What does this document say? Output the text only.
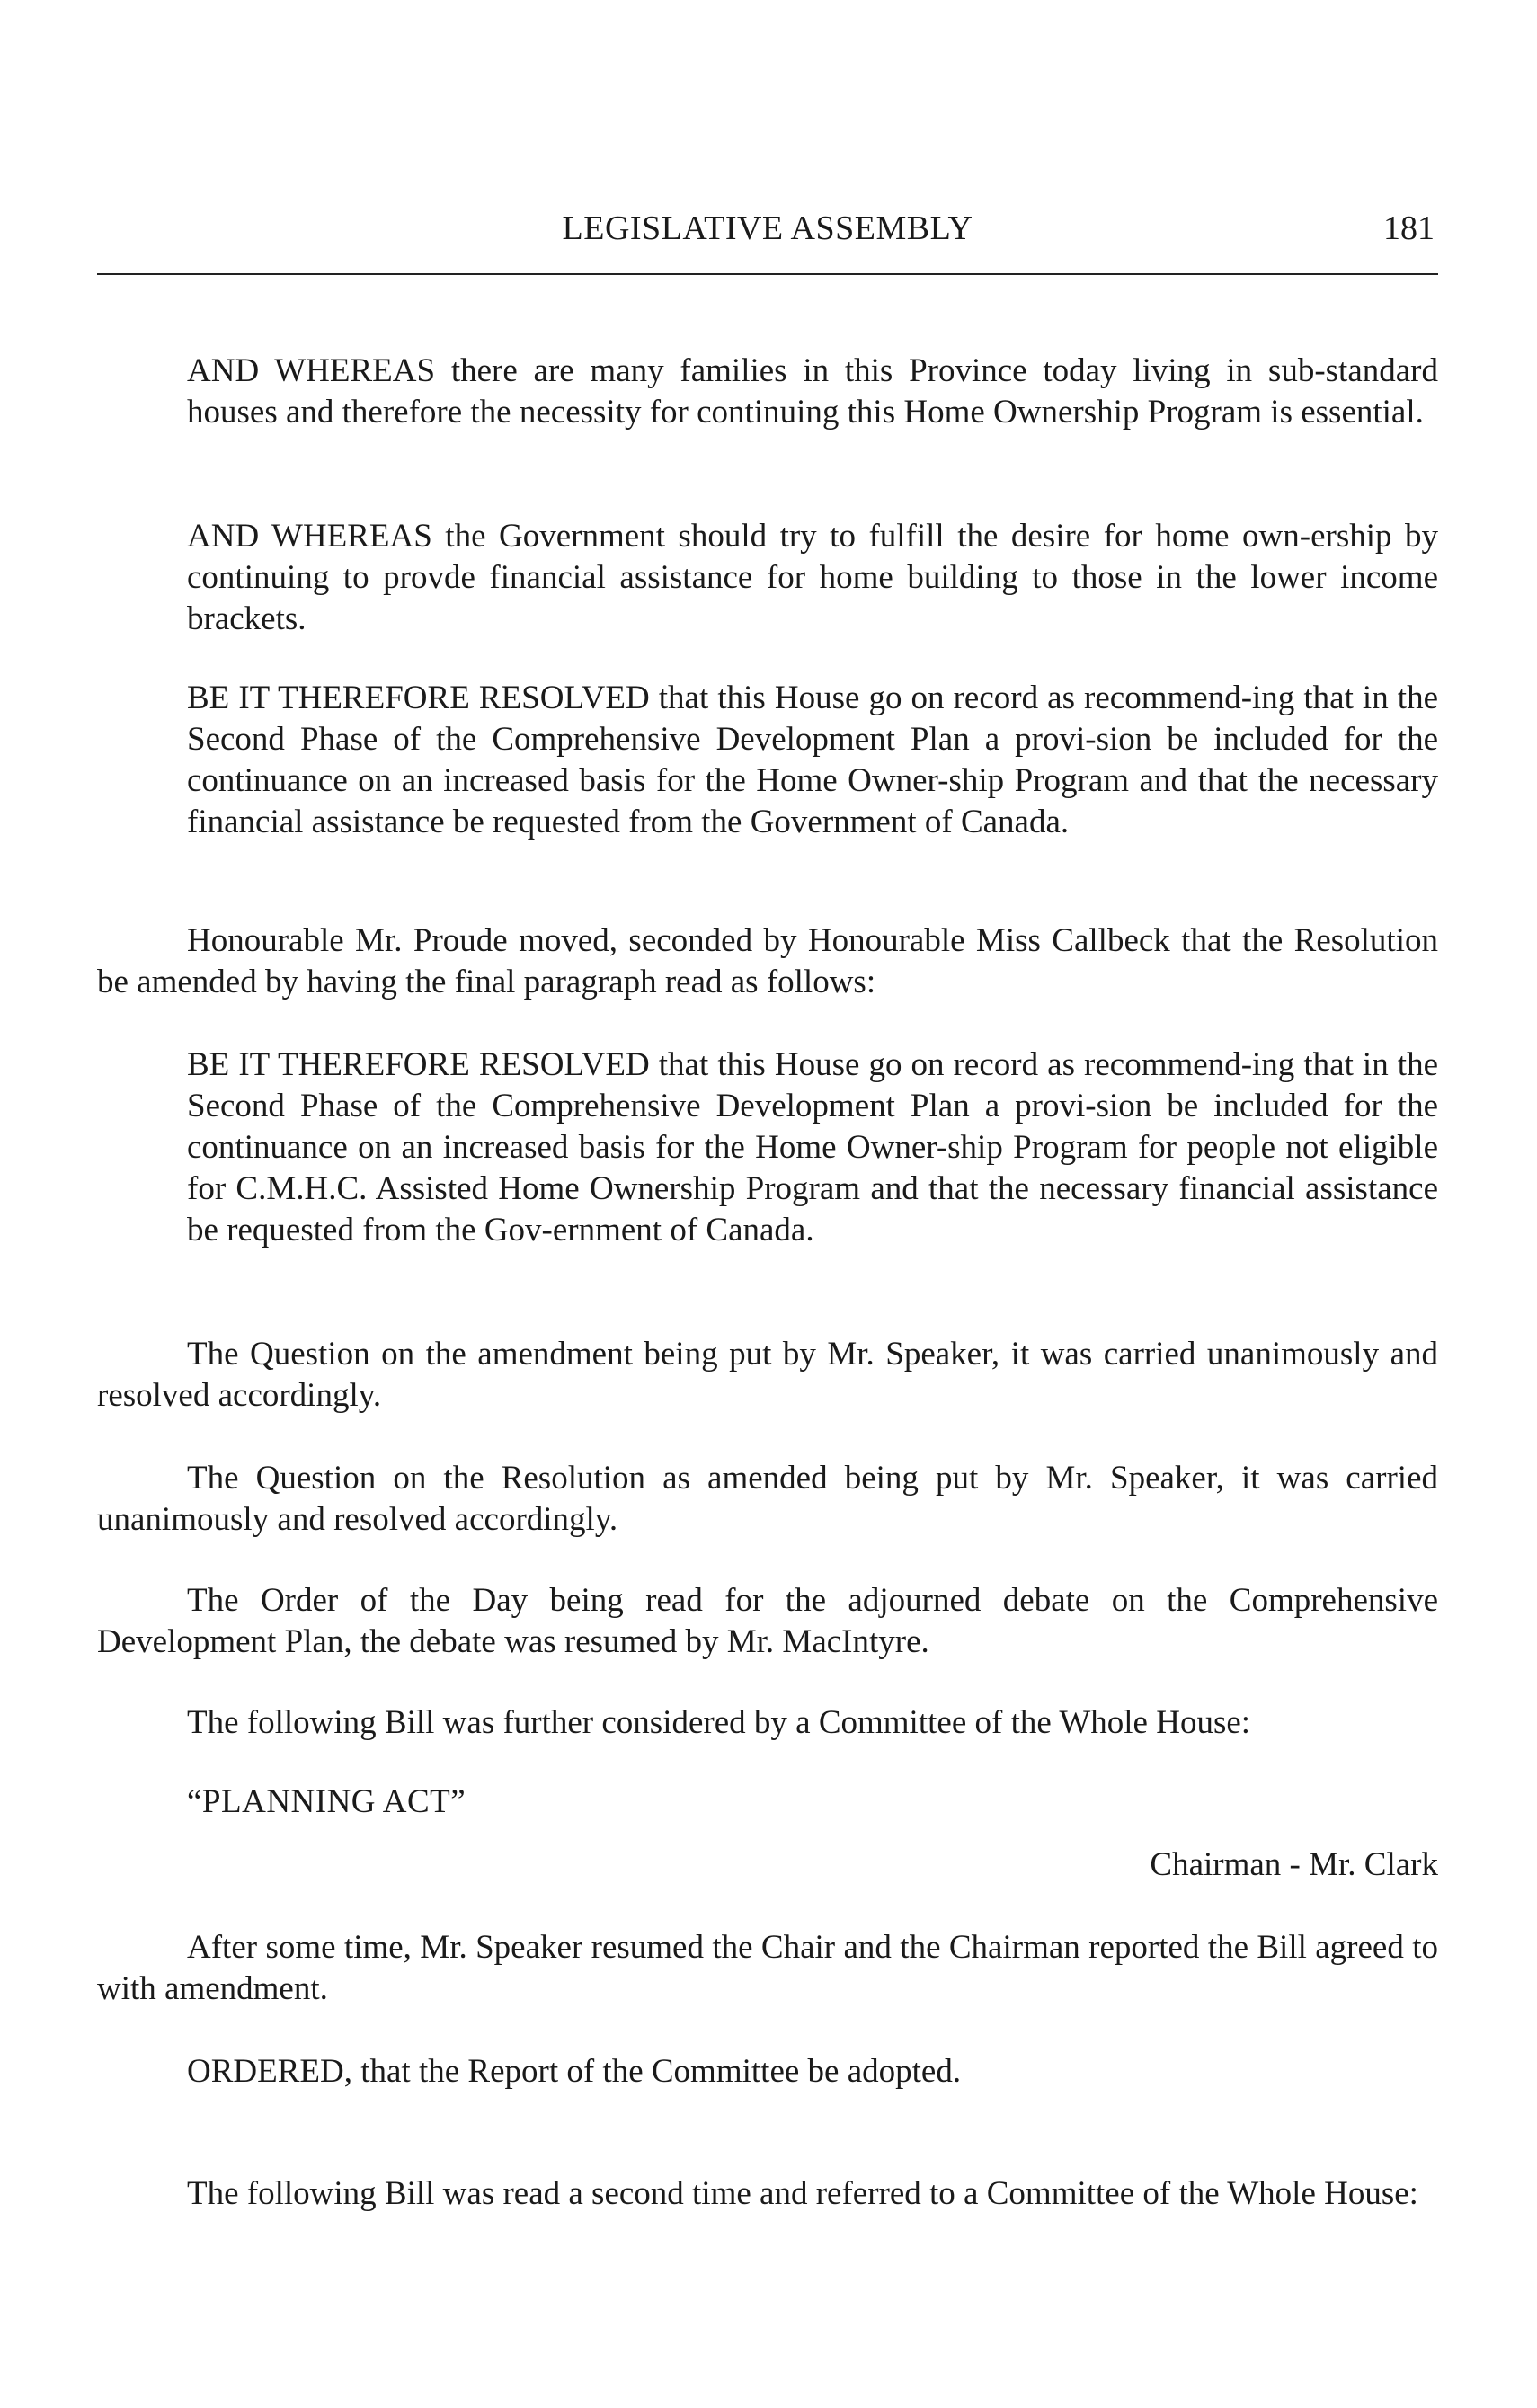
LEGISLATIVE ASSEMBLY	181

AND WHEREAS there are many families in this Province today living in sub-standard houses and therefore the necessity for continuing this Home Ownership Program is essential.

AND WHEREAS the Government should try to fulfill the desire for home own-ership by continuing to provde financial assistance for home building to those in the lower income brackets.

BE IT THEREFORE RESOLVED that this House go on record as recommend-ing that in the Second Phase of the Comprehensive Development Plan a provi-sion be included for the continuance on an increased basis for the Home Owner-ship Program and that the necessary financial assistance be requested from the Government of Canada.

Honourable Mr. Proude moved, seconded by Honourable Miss Callbeck that the Resolution be amended by having the final paragraph read as follows:

BE IT THEREFORE RESOLVED that this House go on record as recommend-ing that in the Second Phase of the Comprehensive Development Plan a provi-sion be included for the continuance on an increased basis for the Home Owner-ship Program for people not eligible for C.M.H.C. Assisted Home Ownership Program and that the necessary financial assistance be requested from the Gov-ernment of Canada.

The Question on the amendment being put by Mr. Speaker, it was carried unanimously and resolved accordingly.

The Question on the Resolution as amended being put by Mr. Speaker, it was carried unanimously and resolved accordingly.

The Order of the Day being read for the adjourned debate on the Comprehensive Development Plan, the debate was resumed by Mr. MacIntyre.

The following Bill was further considered by a Committee of the Whole House:

“PLANNING ACT”

Chairman - Mr. Clark

After some time, Mr. Speaker resumed the Chair and the Chairman reported the Bill agreed to with amendment.

ORDERED, that the Report of the Committee be adopted.

The following Bill was read a second time and referred to a Committee of the Whole House:
